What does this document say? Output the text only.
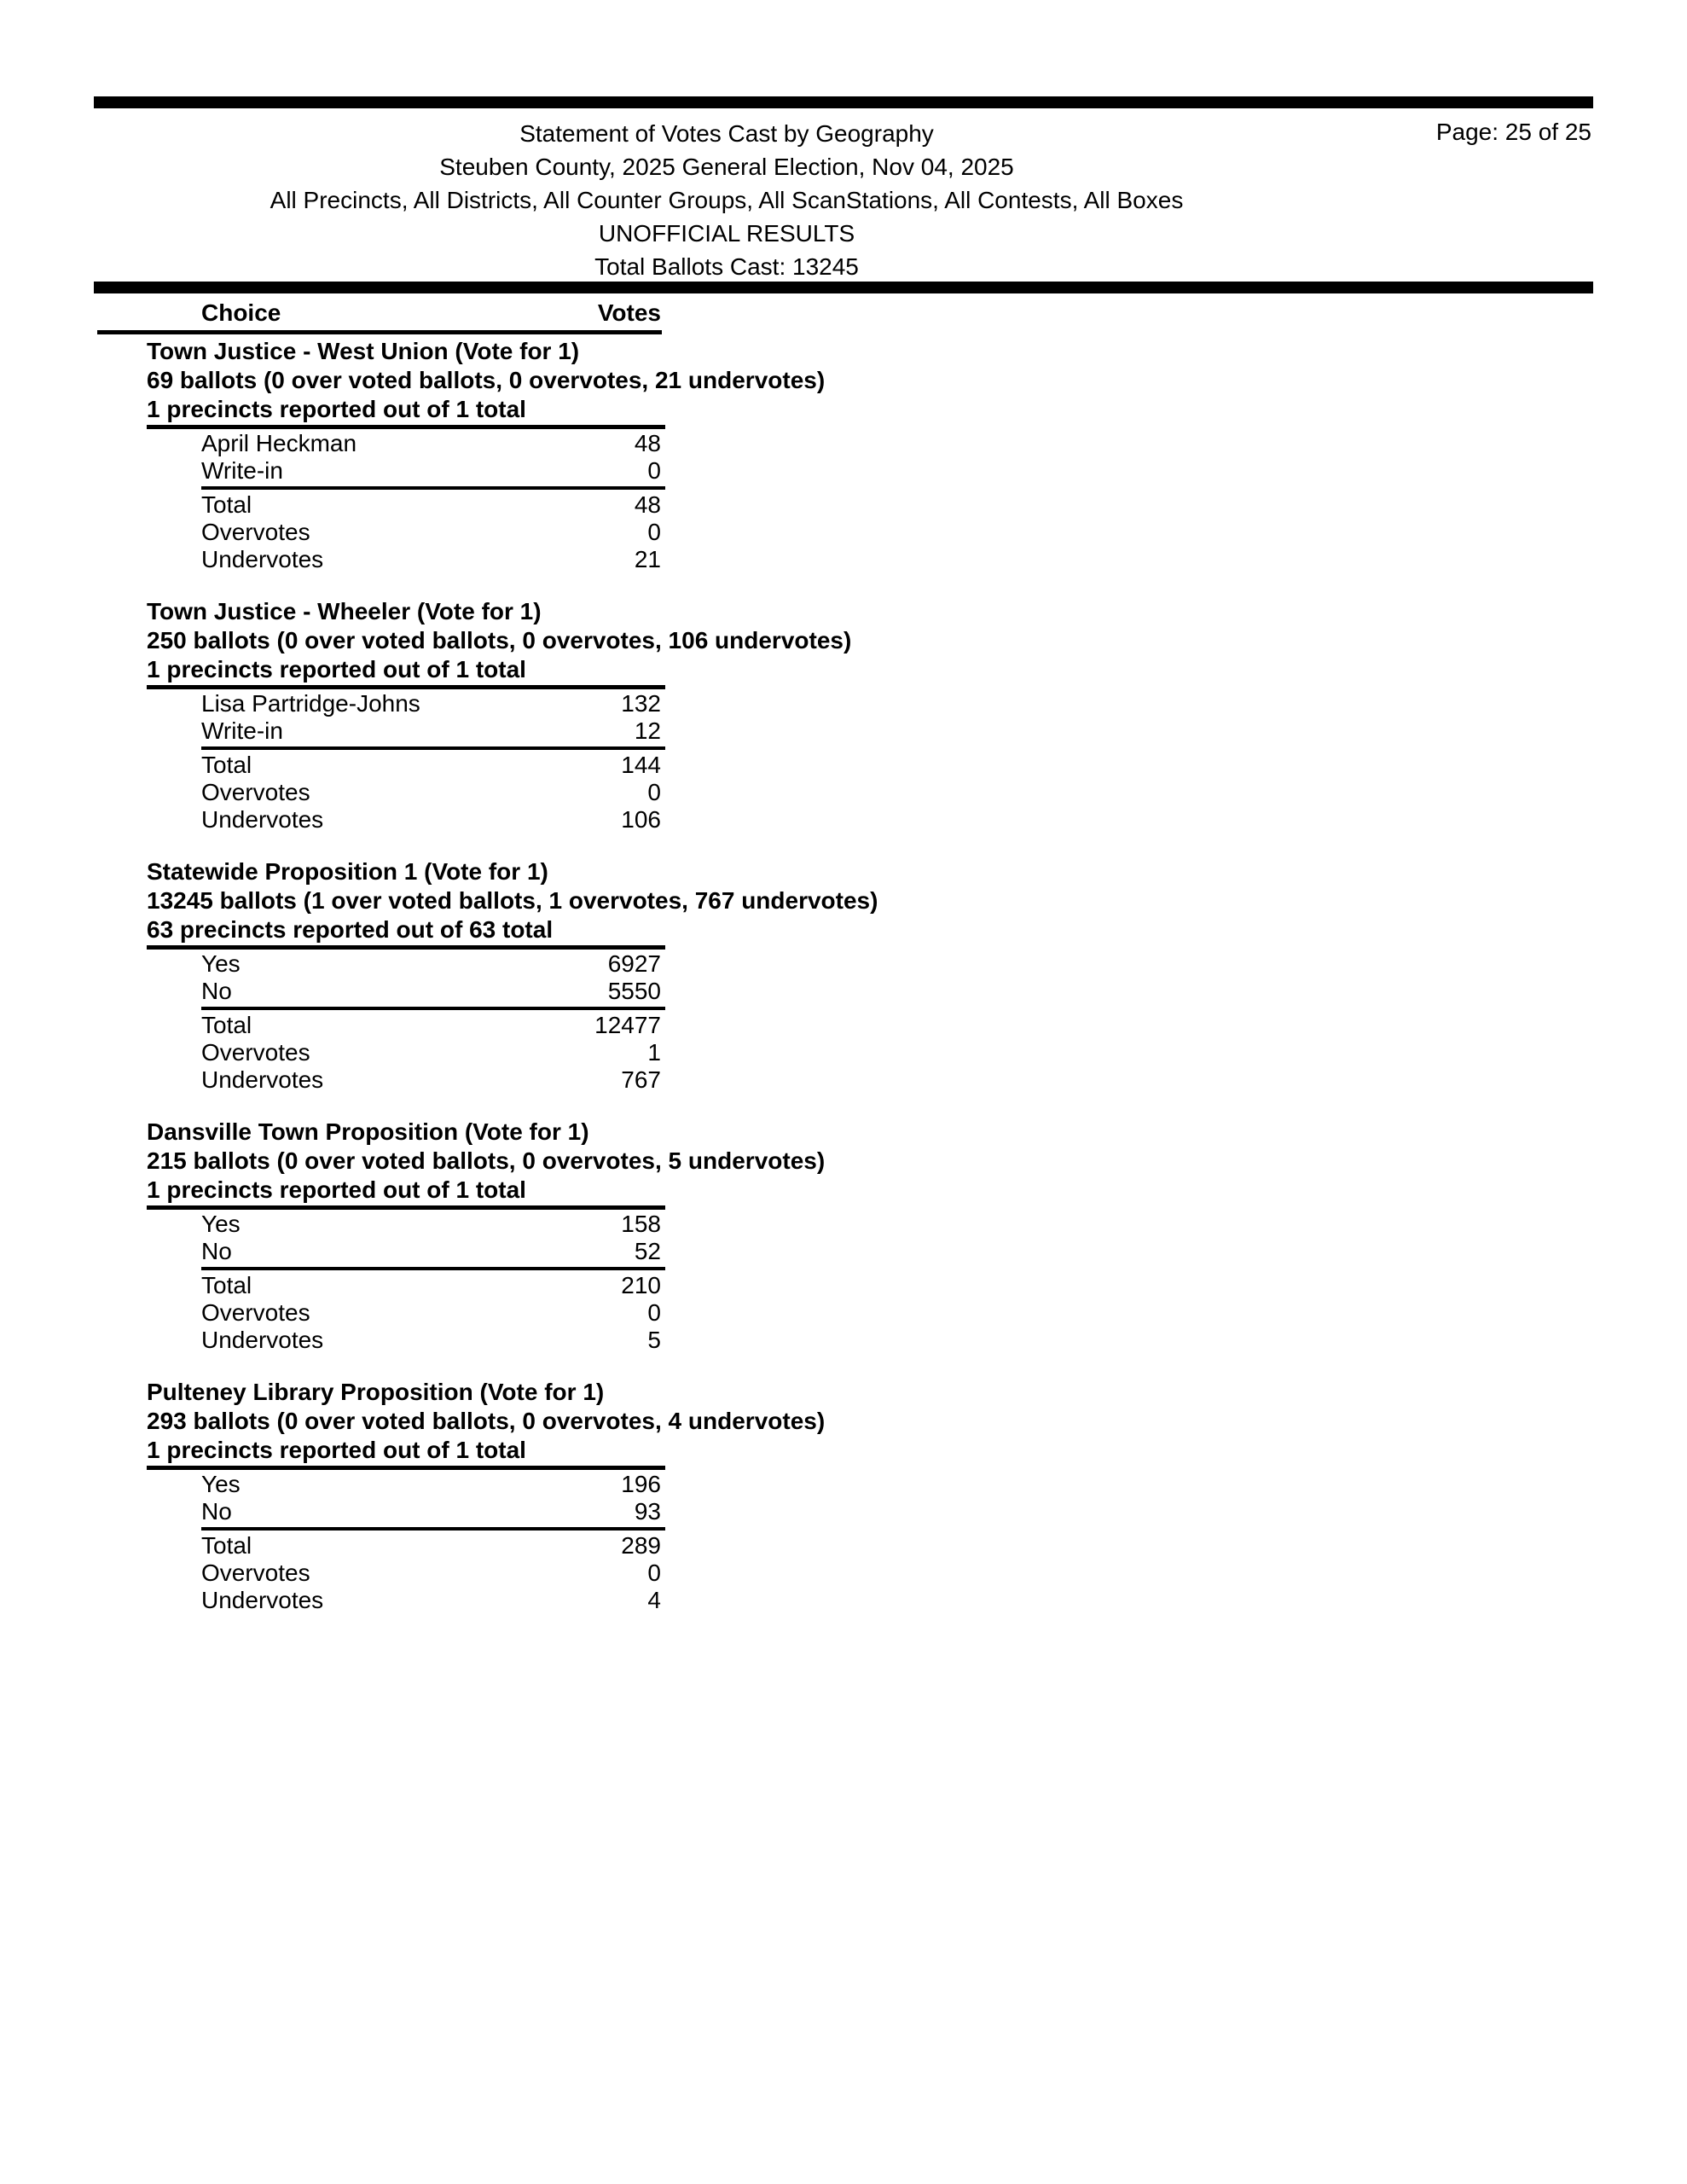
Statement of Votes Cast by Geography
Steuben County, 2025 General Election, Nov 04, 2025
All Precincts, All Districts, All Counter Groups, All ScanStations, All Contests, All Boxes
UNOFFICIAL RESULTS
Total Ballots Cast: 13245
Page: 25 of 25
Choice	Votes
Town Justice - West Union (Vote for 1)
69 ballots (0 over voted ballots, 0 overvotes, 21 undervotes)
1 precincts reported out of 1 total
April Heckman	48
Write-in	0
Total	48
Overvotes	0
Undervotes	21
Town Justice - Wheeler (Vote for 1)
250 ballots (0 over voted ballots, 0 overvotes, 106 undervotes)
1 precincts reported out of 1 total
Lisa Partridge-Johns	132
Write-in	12
Total	144
Overvotes	0
Undervotes	106
Statewide Proposition 1 (Vote for 1)
13245 ballots (1 over voted ballots, 1 overvotes, 767 undervotes)
63 precincts reported out of 63 total
Yes	6927
No	5550
Total	12477
Overvotes	1
Undervotes	767
Dansville Town Proposition (Vote for 1)
215 ballots (0 over voted ballots, 0 overvotes, 5 undervotes)
1 precincts reported out of 1 total
Yes	158
No	52
Total	210
Overvotes	0
Undervotes	5
Pulteney Library Proposition (Vote for 1)
293 ballots (0 over voted ballots, 0 overvotes, 4 undervotes)
1 precincts reported out of 1 total
Yes	196
No	93
Total	289
Overvotes	0
Undervotes	4
